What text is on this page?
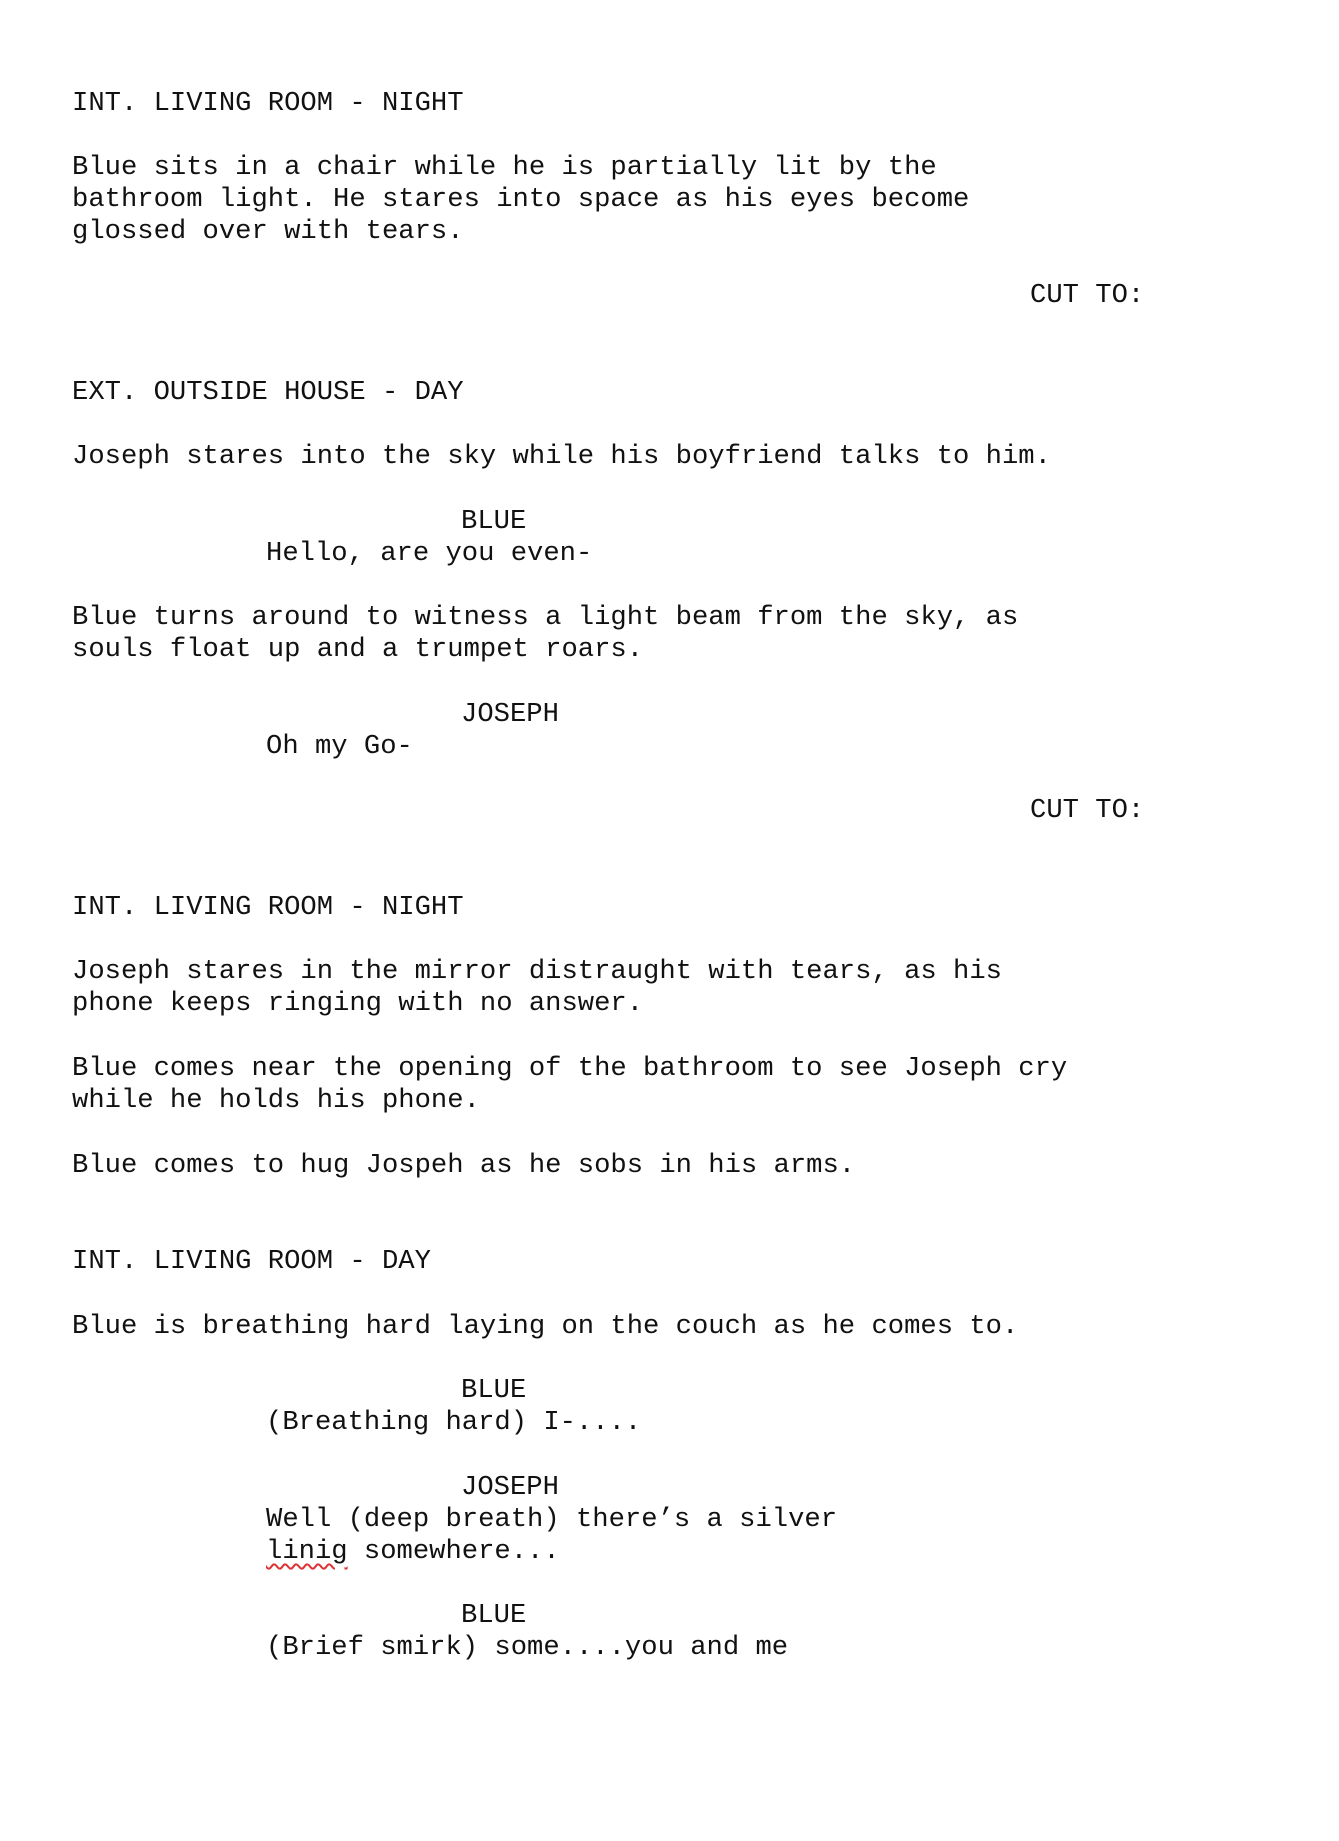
INT. LIVING ROOM - NIGHT
Blue sits in a chair while he is partially lit by the
bathroom light. He stares into space as his eyes become
glossed over with tears.
CUT TO:
EXT. OUTSIDE HOUSE - DAY
Joseph stares into the sky while his boyfriend talks to him.
BLUE
Hello, are you even-
Blue turns around to witness a light beam from the sky, as
souls float up and a trumpet roars.
JOSEPH
Oh my Go-
CUT TO:
INT. LIVING ROOM - NIGHT
Joseph stares in the mirror distraught with tears, as his
phone keeps ringing with no answer.
Blue comes near the opening of the bathroom to see Joseph cry
while he holds his phone.
Blue comes to hug Jospeh as he sobs in his arms.
INT. LIVING ROOM - DAY
Blue is breathing hard laying on the couch as he comes to.
BLUE
(Breathing hard) I-....
JOSEPH
Well (deep breath) there’s a silver
linig somewhere...
BLUE
(Brief smirk) some....you and me
